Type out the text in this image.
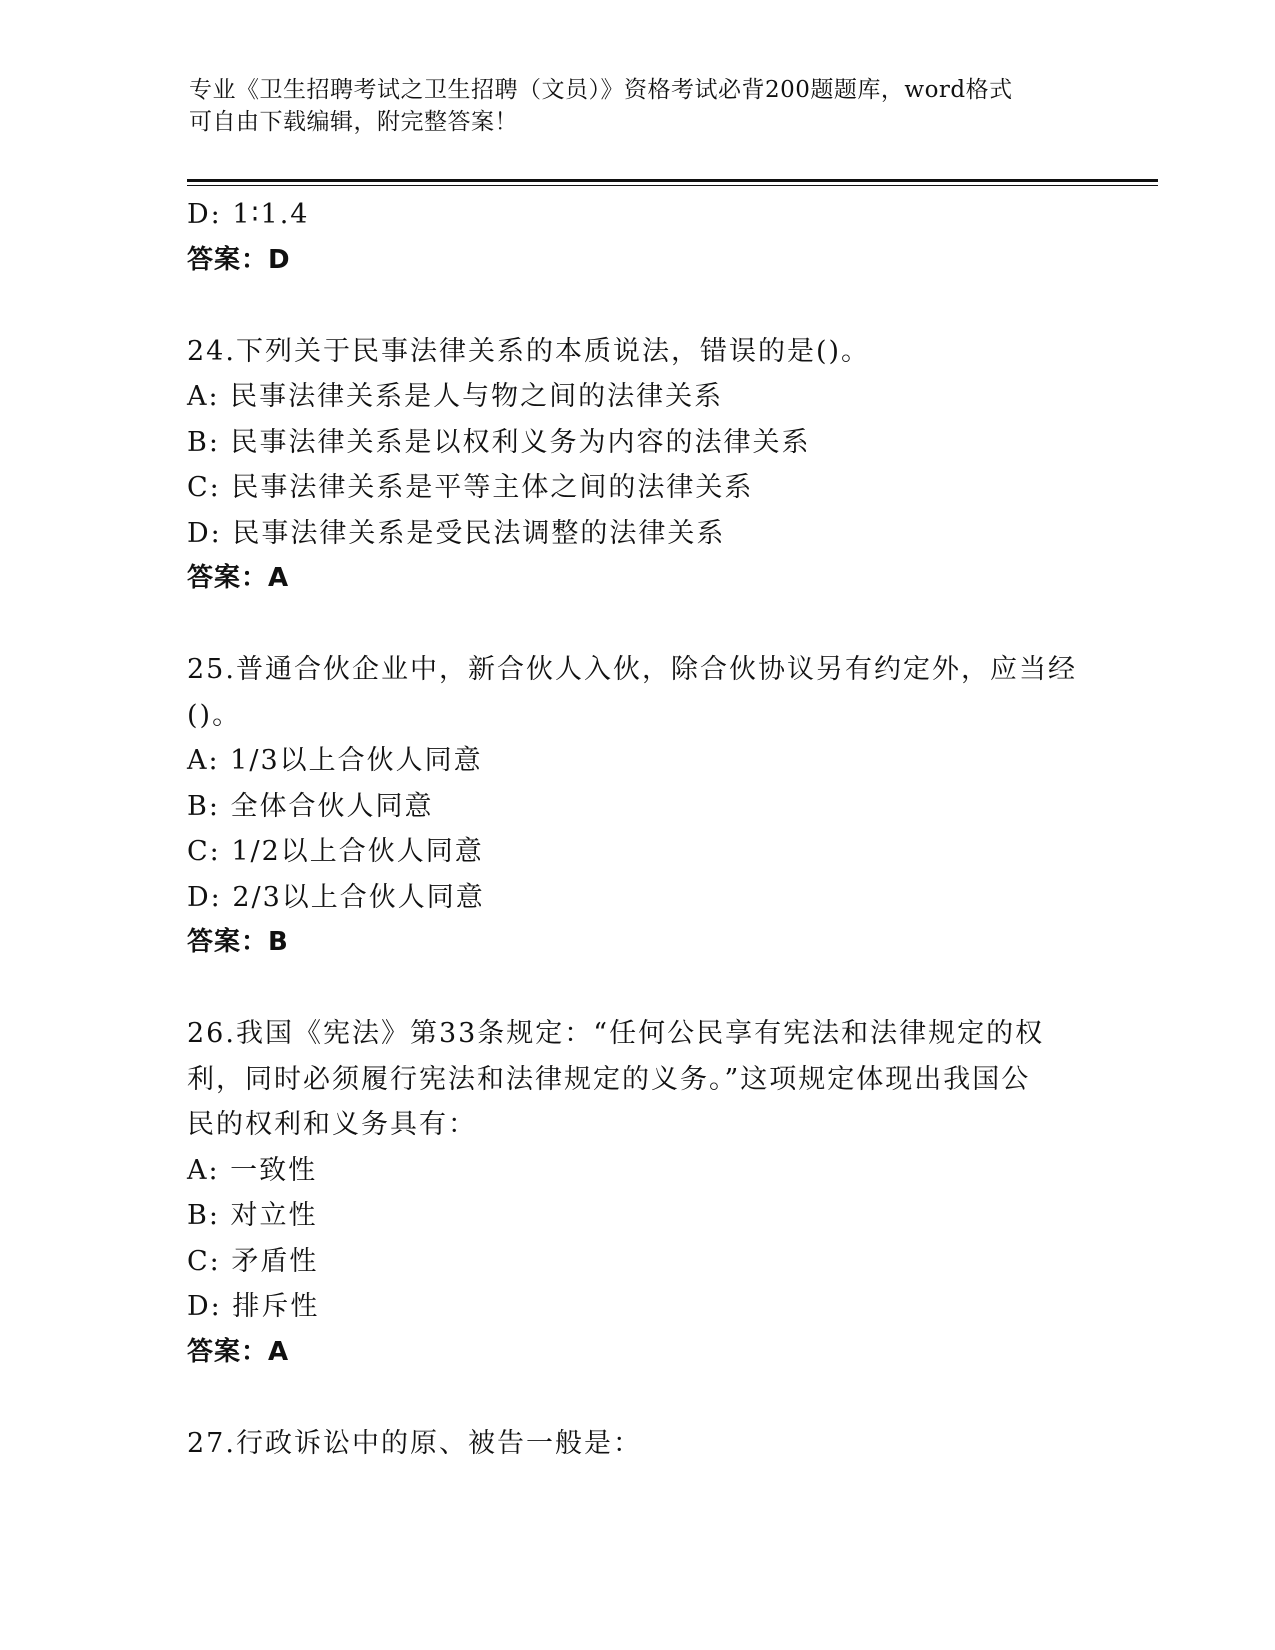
专业《卫生招聘考试之卫生招聘（文员）》资格考试必背200题题库，word格式
可自由下载编辑，附完整答案！
D: 1∶1.4
答案：D
24.下列关于民事法律关系的本质说法，错误的是()。
A: 民事法律关系是人与物之间的法律关系
B: 民事法律关系是以权利义务为内容的法律关系
C: 民事法律关系是平等主体之间的法律关系
D: 民事法律关系是受民法调整的法律关系
答案：A
25.普通合伙企业中，新合伙人入伙，除合伙协议另有约定外，应当经
()。
A: 1/3以上合伙人同意
B: 全体合伙人同意
C: 1/2以上合伙人同意
D: 2/3以上合伙人同意
答案：B
26.我国《宪法》第33条规定：“任何公民享有宪法和法律规定的权
利，同时必须履行宪法和法律规定的义务。”这项规定体现出我国公
民的权利和义务具有：
A: 一致性
B: 对立性
C: 矛盾性
D: 排斥性
答案：A
27.行政诉讼中的原、被告一般是：
